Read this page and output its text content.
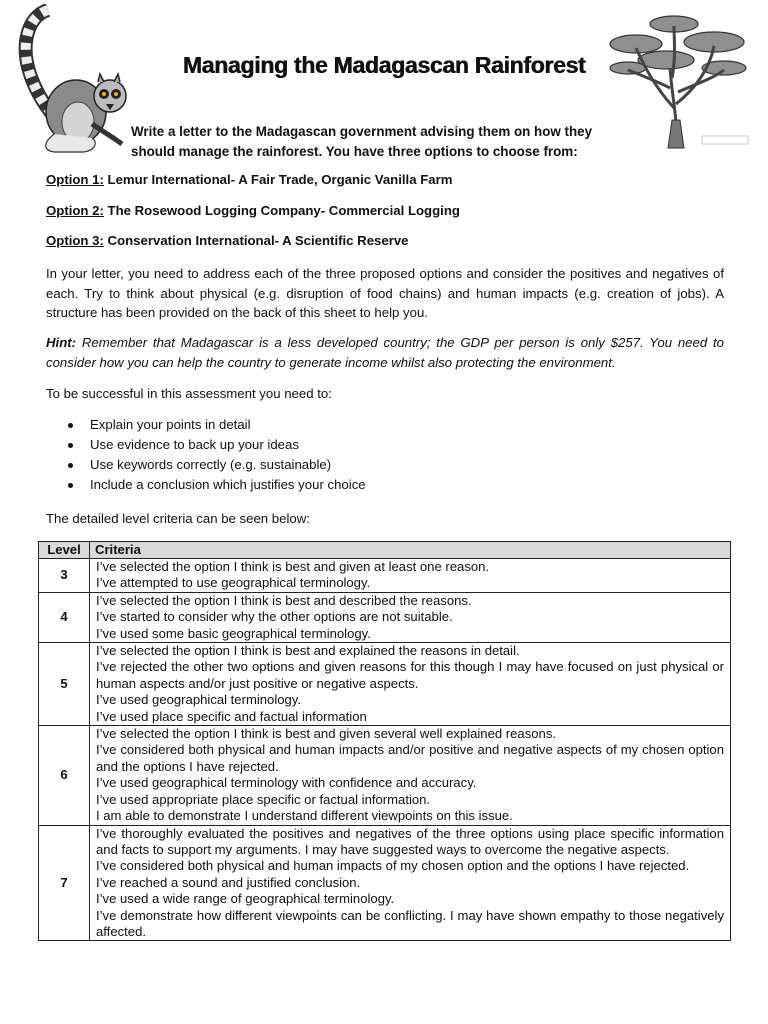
Managing the Madagascan Rainforest

Write a letter to the Madagascan government advising them on how they should manage the rainforest. You have three options to choose from:

Option 1: Lemur International- A Fair Trade, Organic Vanilla Farm

Option 2: The Rosewood Logging Company- Commercial Logging

Option 3: Conservation International- A Scientific Reserve

In your letter, you need to address each of the three proposed options and consider the positives and negatives of each. Try to think about physical (e.g. disruption of food chains) and human impacts (e.g. creation of jobs). A structure has been provided on the back of this sheet to help you.

Hint: Remember that Madagascar is a less developed country; the GDP per person is only $257. You need to consider how you can help the country to generate income whilst also protecting the environment.

To be successful in this assessment you need to:

Explain your points in detail
Use evidence to back up your ideas
Use keywords correctly (e.g. sustainable)
Include a conclusion which justifies your choice

The detailed level criteria can be seen below:

Level	Criteria
3	I’ve selected the option I think is best and given at least one reason.
I’ve attempted to use geographical terminology.

4	I’ve selected the option I think is best and described the reasons.
I’ve started to consider why the other options are not suitable.
I’ve used some basic geographical terminology.

5	I’ve selected the option I think is best and explained the reasons in detail.
I’ve rejected the other two options and given reasons for this though I may have focused on just physical or human aspects and/or just positive or negative aspects.
I’ve used geographical terminology.
I’ve used place specific and factual information

6	I’ve selected the option I think is best and given several well explained reasons.
I’ve considered both physical and human impacts and/or positive and negative aspects of my chosen option and the options I have rejected.
I’ve used geographical terminology with confidence and accuracy.
I’ve used appropriate place specific or factual information.
I am able to demonstrate I understand different viewpoints on this issue.

7	I’ve thoroughly evaluated the positives and negatives of the three options using place specific information and facts to support my arguments. I may have suggested ways to overcome the negative aspects.
I’ve considered both physical and human impacts of my chosen option and the options I have rejected.
I’ve reached a sound and justified conclusion.
I’ve used a wide range of geographical terminology.
I’ve demonstrate how different viewpoints can be conflicting. I may have shown empathy to those negatively affected.
